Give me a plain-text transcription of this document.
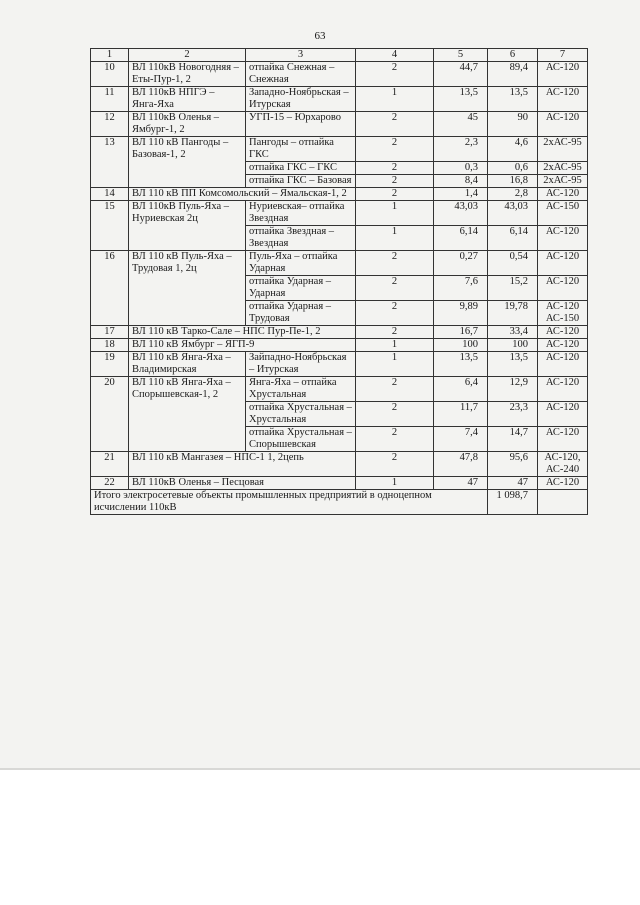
63
1	2	3	4	5	6	7
10	ВЛ 110кВ Новогодняя – Еты-Пур-1, 2	отпайка Снежная – Снежная	2	44,7	89,4	АС-120
11	ВЛ 110кВ НПГЭ – Янга-Яха	Западно-Ноябрьская – Итурская	1	13,5	13,5	АС-120
12	ВЛ 110кВ Оленья – Ямбург-1, 2	УГП-15 – Юрхарово	2	45	90	АС-120
13	ВЛ 110 кВ Пангоды – Базовая-1, 2	Пангоды – отпайка ГКС	2	2,3	4,6	2хАС-95
		отпайка ГКС – ГКС	2	0,3	0,6	2хАС-95
		отпайка ГКС – Базовая	2	8,4	16,8	2хАС-95
14	ВЛ 110 кВ ПП Комсомольский – Ямальская-1, 2		2	1,4	2,8	АС-120
15	ВЛ 110кВ Пуль-Яха – Нуриевская 2ц	Нуриевская– отпайка Звездная	1	43,03	43,03	АС-150
		отпайка Звездная – Звездная	1	6,14	6,14	АС-120
16	ВЛ 110 кВ Пуль-Яха – Трудовая 1, 2ц	Пуль-Яха – отпайка Ударная	2	0,27	0,54	АС-120
		отпайка Ударная – Ударная	2	7,6	15,2	АС-120
		отпайка Ударная – Трудовая	2	9,89	19,78	АС-120 АС-150
17	ВЛ 110 кВ Тарко-Сале – НПС Пур-Пе-1, 2		2	16,7	33,4	АС-120
18	ВЛ 110 кВ Ямбург – ЯГП-9		1	100	100	АС-120
19	ВЛ 110 кВ Янга-Яха – Владимирская	Зайпадно-Ноябрьская – Итурская	1	13,5	13,5	АС-120
20	ВЛ 110 кВ Янга-Яха – Спорышевская-1, 2	Янга-Яха – отпайка Хрустальная	2	6,4	12,9	АС-120
		отпайка Хрустальная – Хрустальная	2	11,7	23,3	АС-120
		отпайка Хрустальная – Спорышевская	2	7,4	14,7	АС-120
21	ВЛ 110 кВ Мангазея – НПС-1 1, 2цепь		2	47,8	95,6	АС-120, АС-240
22	ВЛ 110кВ Оленья – Песцовая		1	47	47	АС-120
Итого электросетевые объекты промышленных предприятий в одноцепном исчислении 110кВ					1 098,7	
